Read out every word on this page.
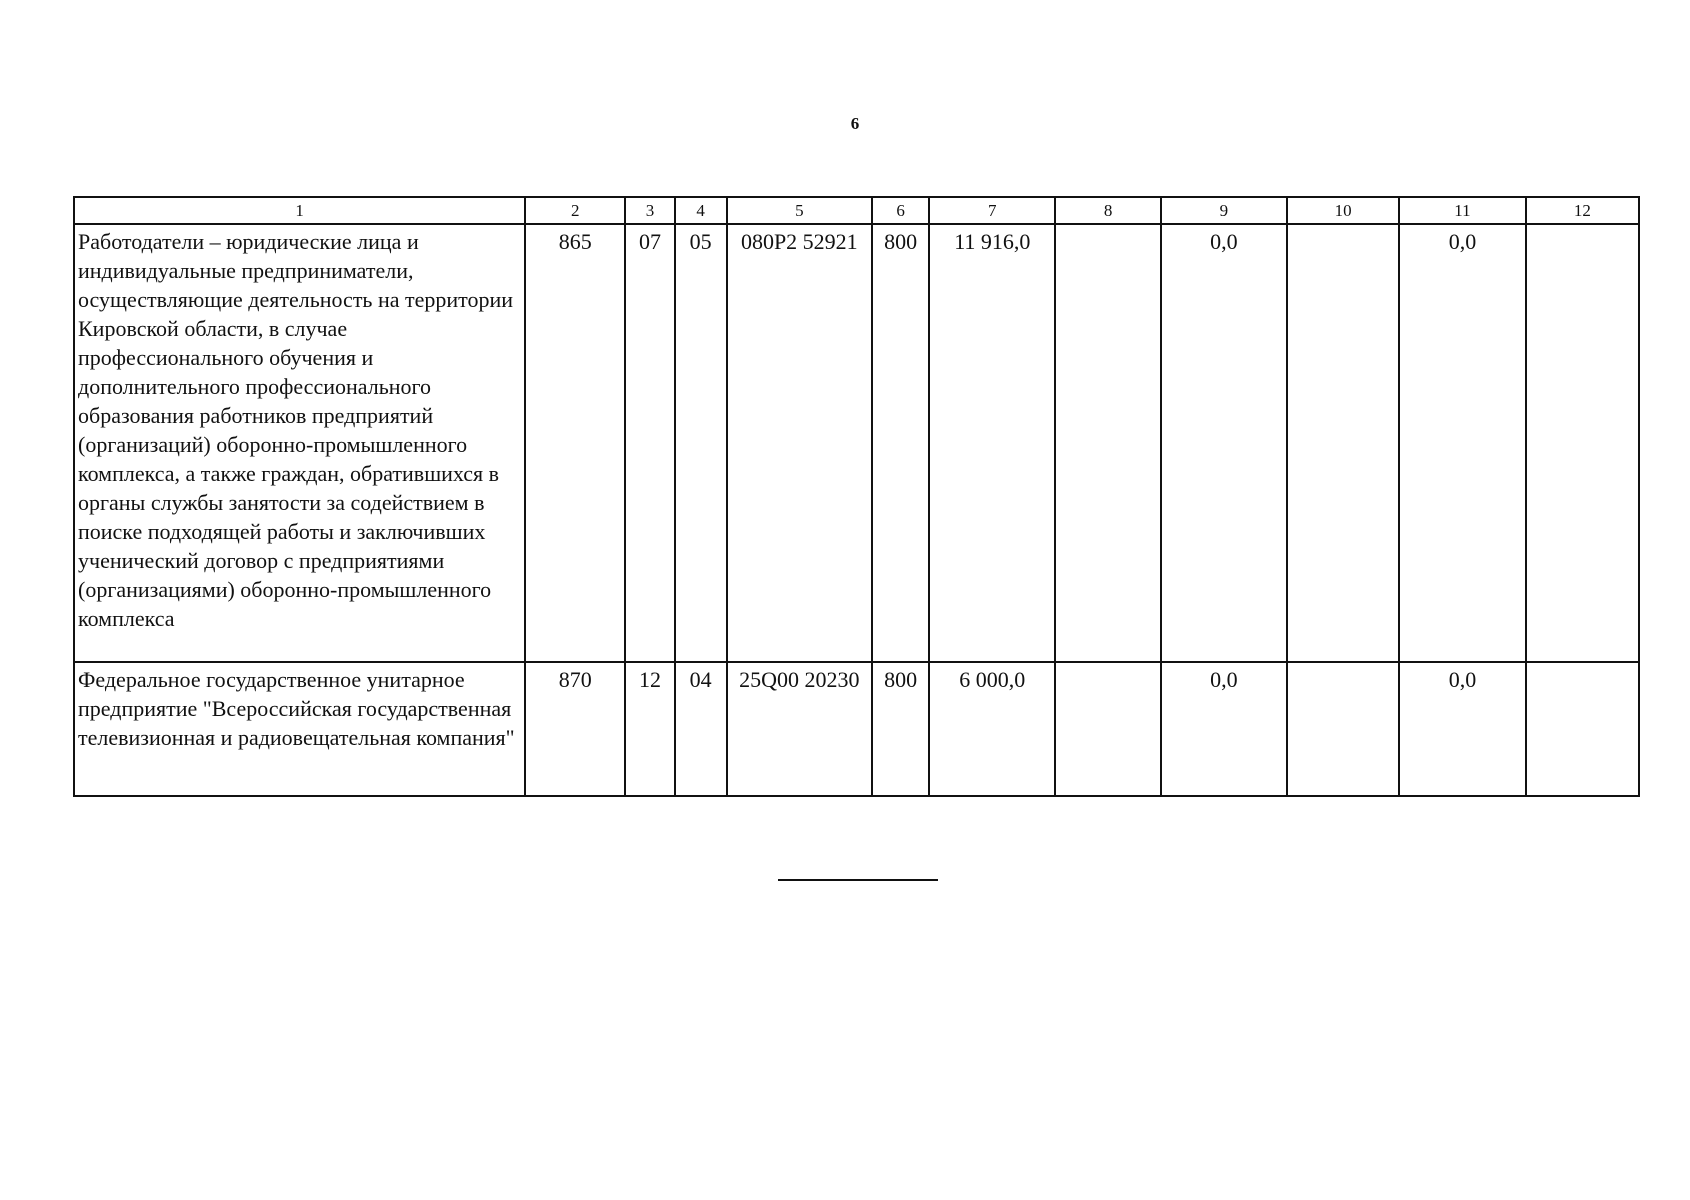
6
1	2	3	4	5	6	7	8	9	10	11	12
Работодатели – юридические лица и индивидуальные предприниматели, осуществляющие деятельность на территории Кировской области, в случае профессионального обучения и дополнительного профессионального образования работников предприятий (организаций) оборонно-промышленного комплекса, а также граждан, обратившихся в органы службы занятости за содействием в поиске подходящей работы и заключивших ученический договор с предприятиями (организациями) оборонно-промышленного комплекса	865	07	05	080Р2 52921	800	11 916,0		0,0		0,0	
Федеральное государственное унитарное предприятие "Всероссийская государственная телевизионная и радиовещательная компания"	870	12	04	25Q00 20230	800	6 000,0		0,0		0,0	
